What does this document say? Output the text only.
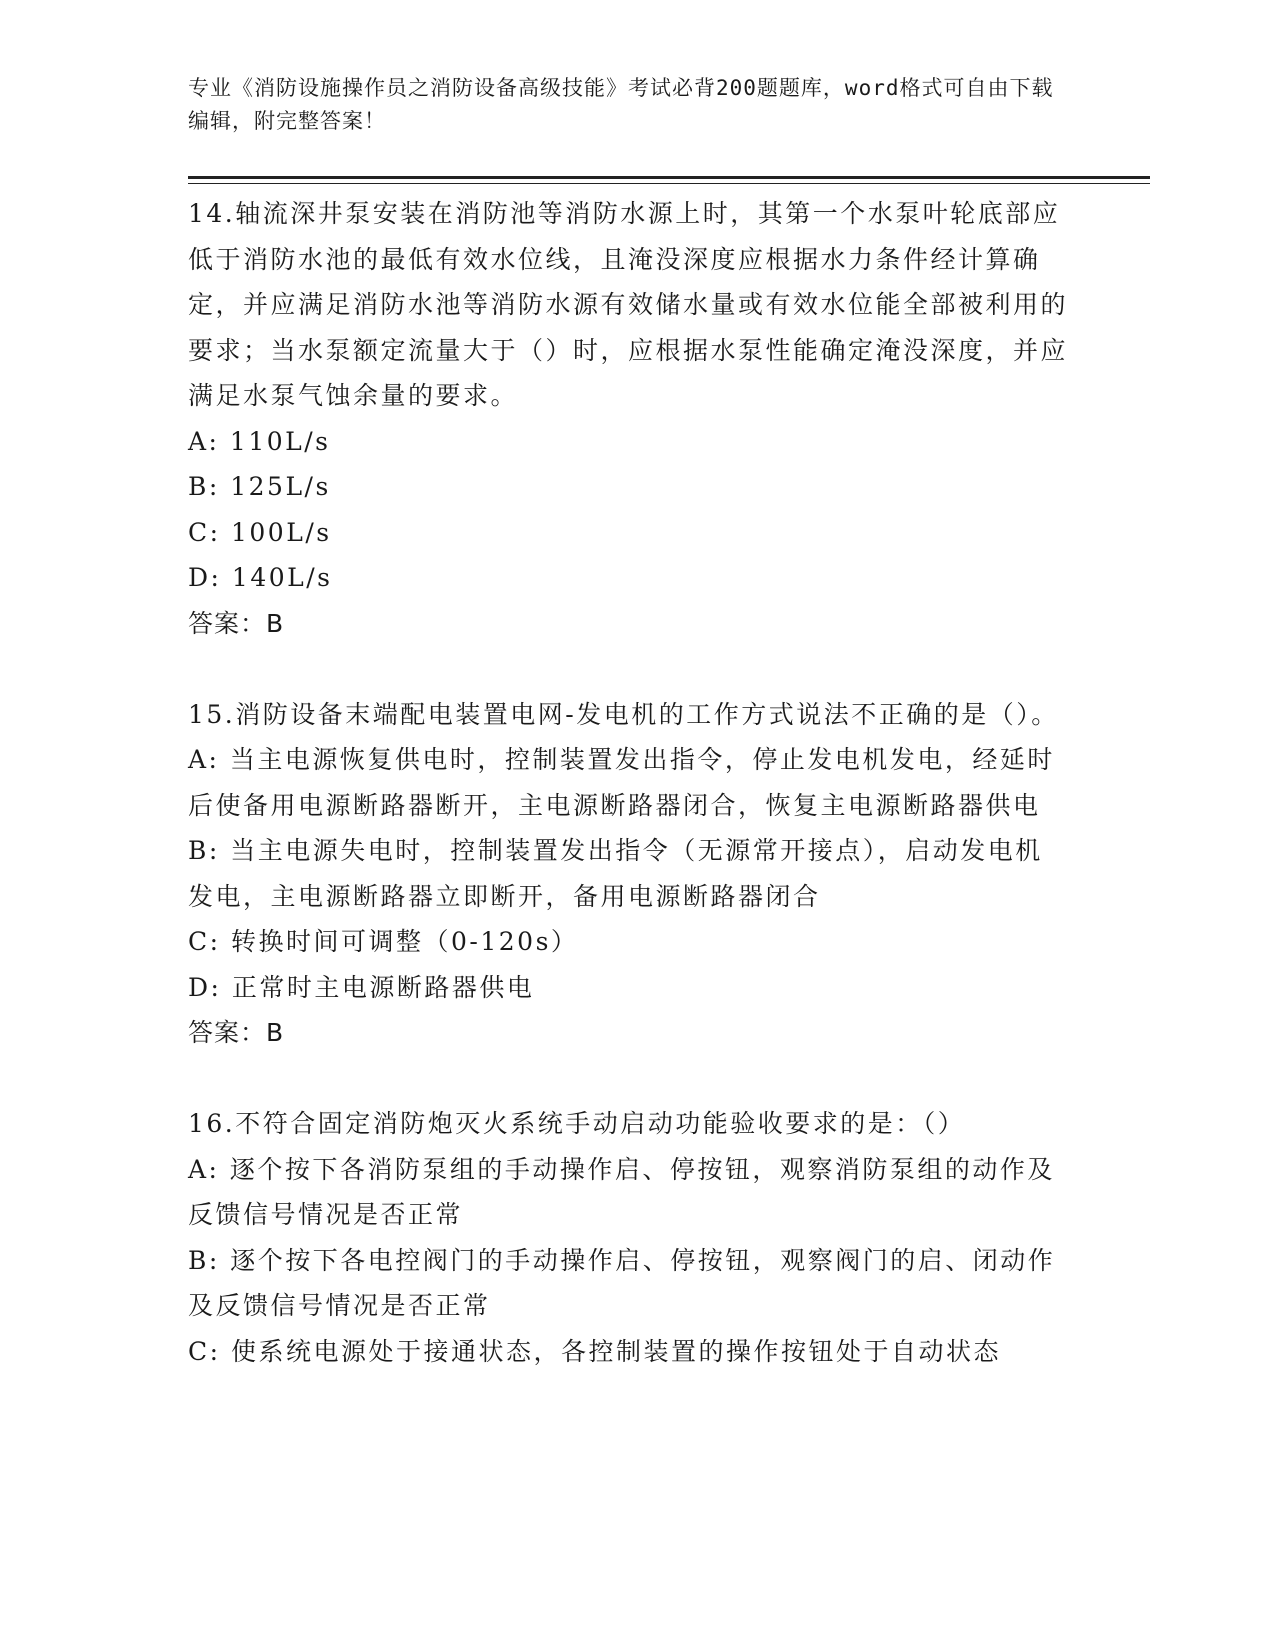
专业《消防设施操作员之消防设备高级技能》考试必背200题题库，word格式可自由下载编辑，附完整答案！

14.轴流深井泵安装在消防池等消防水源上时，其第一个水泵叶轮底部应低于消防水池的最低有效水位线，且淹没深度应根据水力条件经计算确定，并应满足消防水池等消防水源有效储水量或有效水位能全部被利用的要求；当水泵额定流量大于（）时，应根据水泵性能确定淹没深度，并应满足水泵气蚀余量的要求。

A: 110L/s

B: 125L/s

C: 100L/s

D: 140L/s

答案：B

15.消防设备末端配电装置电网-发电机的工作方式说法不正确的是（）。

A: 当主电源恢复供电时，控制装置发出指令，停止发电机发电，经延时后使备用电源断路器断开，主电源断路器闭合，恢复主电源断路器供电

B: 当主电源失电时，控制装置发出指令（无源常开接点），启动发电机发电，主电源断路器立即断开，备用电源断路器闭合

C: 转换时间可调整（0-120s）

D: 正常时主电源断路器供电

答案：B

16.不符合固定消防炮灭火系统手动启动功能验收要求的是：（）

A: 逐个按下各消防泵组的手动操作启、停按钮，观察消防泵组的动作及反馈信号情况是否正常

B: 逐个按下各电控阀门的手动操作启、停按钮，观察阀门的启、闭动作及反馈信号情况是否正常

C: 使系统电源处于接通状态，各控制装置的操作按钮处于自动状态
